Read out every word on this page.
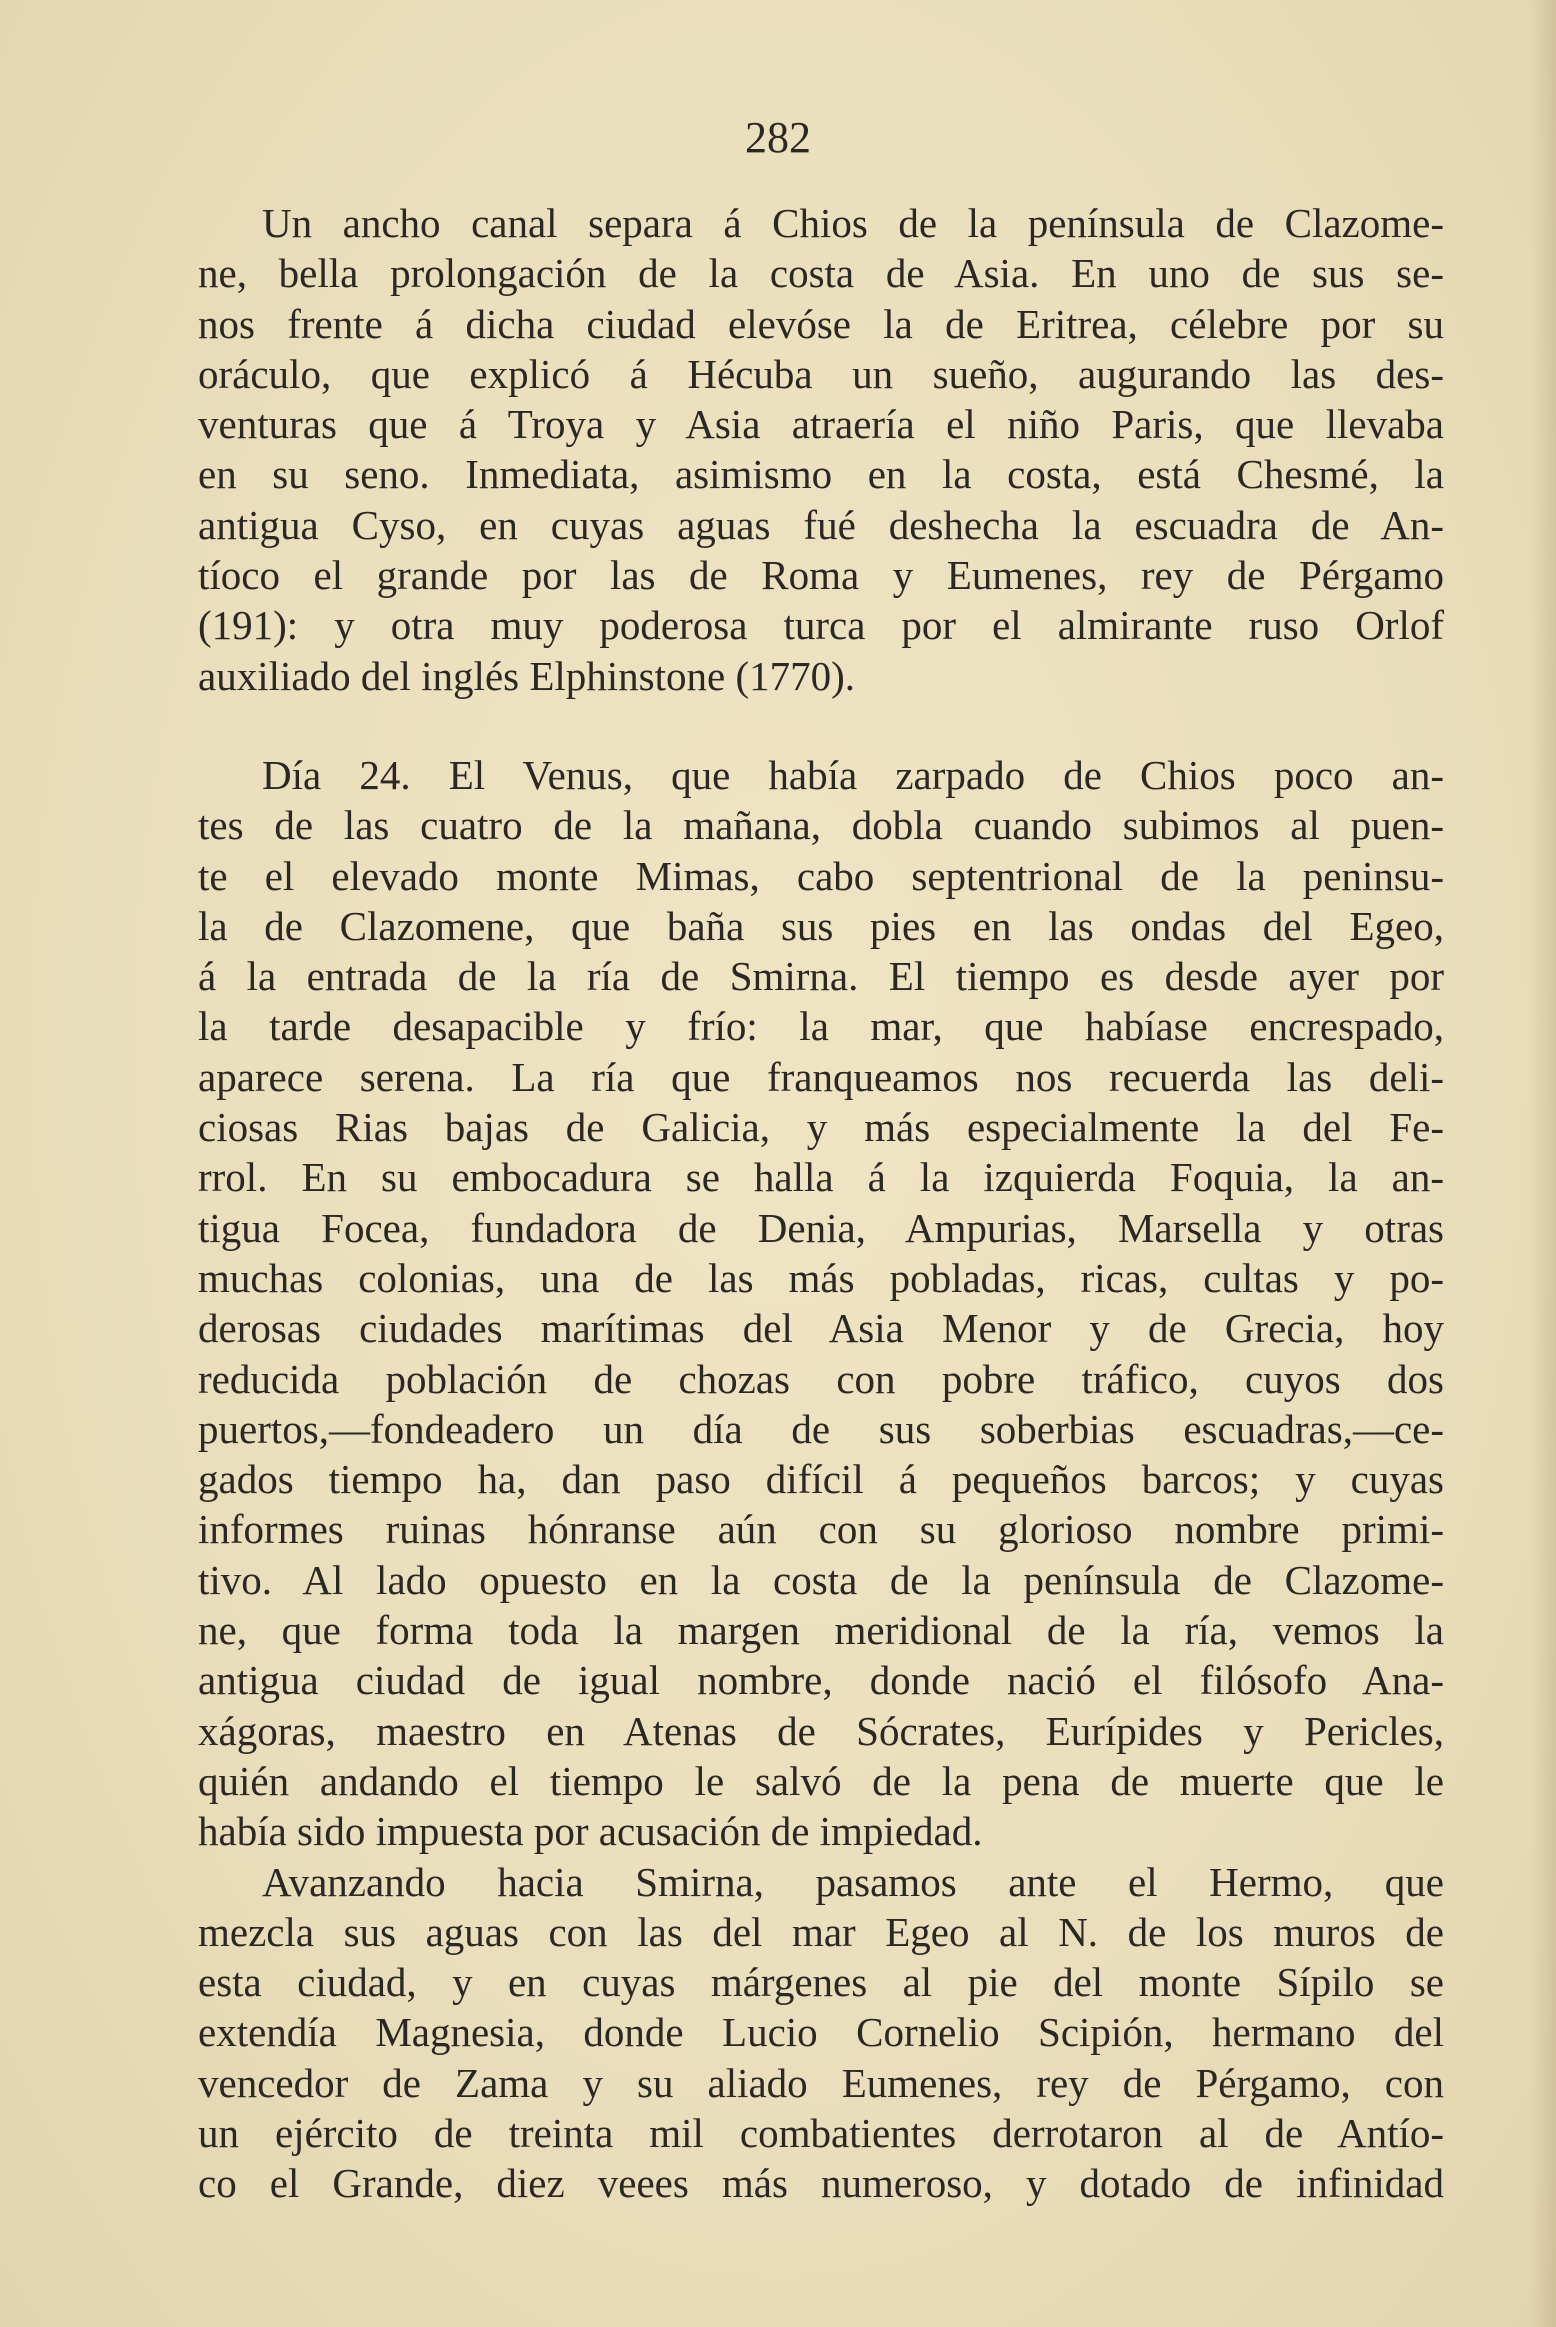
282
Un ancho canal separa á Chios de la península de Clazome-
ne, bella prolongación de la costa de Asia. En uno de sus se-
nos frente á dicha ciudad elevóse la de Eritrea, célebre por su
oráculo, que explicó á Hécuba un sueño, augurando las des-
venturas que á Troya y Asia atraería el niño Paris, que llevaba
en su seno. Inmediata, asimismo en la costa, está Chesmé, la
antigua Cyso, en cuyas aguas fué deshecha la escuadra de An-
tíoco el grande por las de Roma y Eumenes, rey de Pérgamo
(191): y otra muy poderosa turca por el almirante ruso Orlof
auxiliado del inglés Elphinstone (1770).
Día 24. El Venus, que había zarpado de Chios poco an-
tes de las cuatro de la mañana, dobla cuando subimos al puen-
te el elevado monte Mimas, cabo septentrional de la peninsu-
la de Clazomene, que baña sus pies en las ondas del Egeo,
á la entrada de la ría de Smirna. El tiempo es desde ayer por
la tarde desapacible y frío: la mar, que habíase encrespado,
aparece serena. La ría que franqueamos nos recuerda las deli-
ciosas Rias bajas de Galicia, y más especialmente la del Fe-
rrol. En su embocadura se halla á la izquierda Foquia, la an-
tigua Focea, fundadora de Denia, Ampurias, Marsella y otras
muchas colonias, una de las más pobladas, ricas, cultas y po-
derosas ciudades marítimas del Asia Menor y de Grecia, hoy
reducida población de chozas con pobre tráfico, cuyos dos
puertos,—fondeadero un día de sus soberbias escuadras,—ce-
gados tiempo ha, dan paso difícil á pequeños barcos; y cuyas
informes ruinas hónranse aún con su glorioso nombre primi-
tivo. Al lado opuesto en la costa de la península de Clazome-
ne, que forma toda la margen meridional de la ría, vemos la
antigua ciudad de igual nombre, donde nació el filósofo Ana-
xágoras, maestro en Atenas de Sócrates, Eurípides y Pericles,
quién andando el tiempo le salvó de la pena de muerte que le
había sido impuesta por acusación de impiedad.
Avanzando hacia Smirna, pasamos ante el Hermo, que
mezcla sus aguas con las del mar Egeo al N. de los muros de
esta ciudad, y en cuyas márgenes al pie del monte Sípilo se
extendía Magnesia, donde Lucio Cornelio Scipión, hermano del
vencedor de Zama y su aliado Eumenes, rey de Pérgamo, con
un ejército de treinta mil combatientes derrotaron al de Antío-
co el Grande, diez veees más numeroso, y dotado de infinidad
